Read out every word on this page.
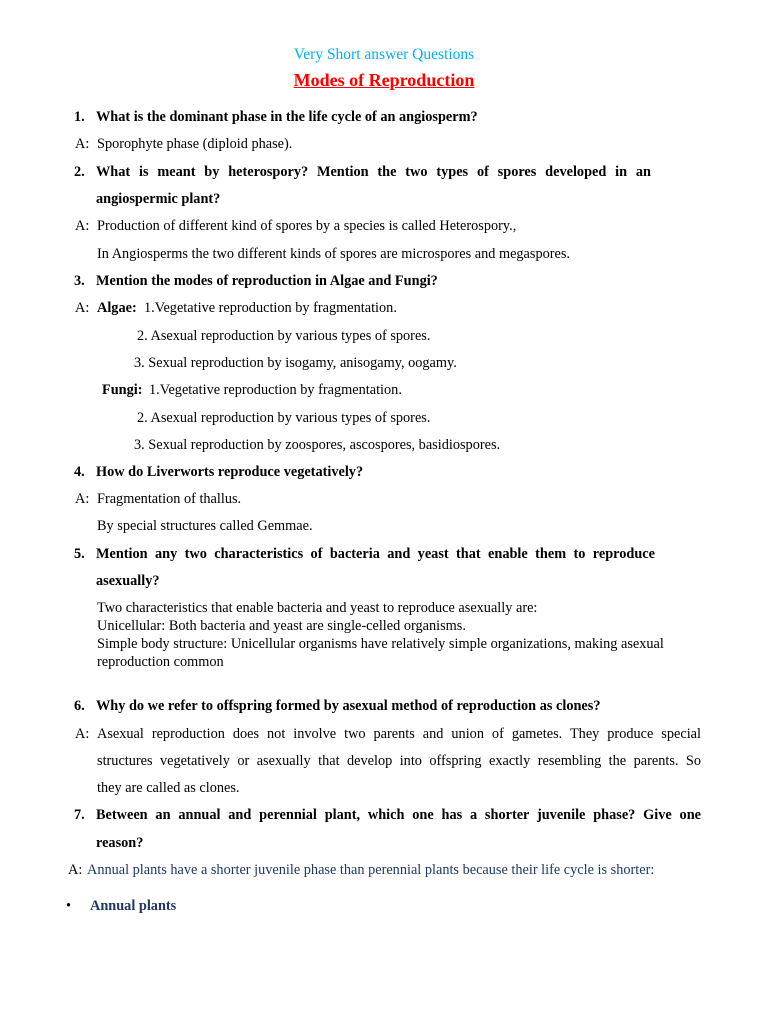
Very Short answer Questions
Modes of Reproduction
1. What is the dominant phase in the life cycle of an angiosperm?
A: Sporophyte phase (diploid phase).
2. What is meant by heterospory? Mention the two types of spores developed in an
angiospermic plant?
A: Production of different kind of spores by a species is called Heterospory.,
In Angiosperms the two different kinds of spores are microspores and megaspores.
3. Mention the modes of reproduction in Algae and Fungi?
A: Algae: 1.Vegetative reproduction by fragmentation.
2. Asexual reproduction by various types of spores.
3. Sexual reproduction by isogamy, anisogamy, oogamy.
Fungi: 1.Vegetative reproduction by fragmentation.
2. Asexual reproduction by various types of spores.
3. Sexual reproduction by zoospores, ascospores, basidiospores.
4. How do Liverworts reproduce vegetatively?
A: Fragmentation of thallus.
By special structures called Gemmae.
5. Mention any two characteristics of bacteria and yeast that enable them to reproduce
asexually?
Two characteristics that enable bacteria and yeast to reproduce asexually are:
Unicellular: Both bacteria and yeast are single-celled organisms.
Simple body structure: Unicellular organisms have relatively simple organizations, making asexual
reproduction common
6. Why do we refer to offspring formed by asexual method of reproduction as clones?
A: Asexual reproduction does not involve two parents and union of gametes. They produce special
structures vegetatively or asexually that develop into offspring exactly resembling the parents. So
they are called as clones.
7. Between an annual and perennial plant, which one has a shorter juvenile phase? Give one
reason?
A: Annual plants have a shorter juvenile phase than perennial plants because their life cycle is shorter:
• Annual plants
